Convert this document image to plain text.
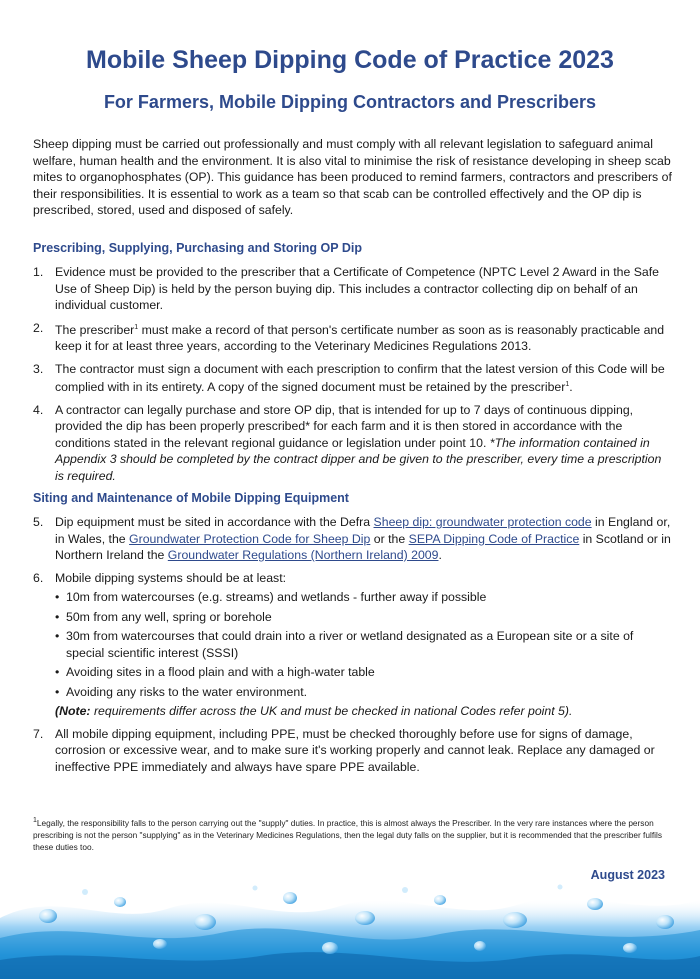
Mobile Sheep Dipping Code of Practice 2023
For Farmers, Mobile Dipping Contractors and Prescribers

Sheep dipping must be carried out professionally and must comply with all relevant legislation to safeguard animal welfare, human health and the environment. It is also vital to minimise the risk of resistance developing in sheep scab mites to organophosphates (OP). This guidance has been produced to remind farmers, contractors and prescribers of their responsibilities. It is essential to work as a team so that scab can be controlled effectively and the OP dip is prescribed, stored, used and disposed of safely.

Prescribing, Supplying, Purchasing and Storing OP Dip
1. Evidence must be provided to the prescriber that a Certificate of Competence (NPTC Level 2 Award in the Safe Use of Sheep Dip) is held by the person buying dip. This includes a contractor collecting dip on behalf of an individual customer.
2. The prescriber$^1$ must make a record of that person's certificate number as soon as is reasonably practicable and keep it for at least three years, according to the Veterinary Medicines Regulations 2013.
3. The contractor must sign a document with each prescription to confirm that the latest version of this Code will be complied with in its entirety. A copy of the signed document must be retained by the prescriber$^1$.
4. A contractor can legally purchase and store OP dip, that is intended for up to 7 days of continuous dipping, provided the dip has been properly prescribed* for each farm and it is then stored in accordance with the conditions stated in the relevant regional guidance or legislation under point 10. *The information contained in Appendix 3 should be completed by the contract dipper and be given to the prescriber, every time a prescription is required.
Siting and Maintenance of Mobile Dipping Equipment
5. Dip equipment must be sited in accordance with the Defra Sheep dip: groundwater protection code in England or, in Wales, the Groundwater Protection Code for Sheep Dip or the SEPA Dipping Code of Practice in Scotland or in Northern Ireland the Groundwater Regulations (Northern Ireland) 2009.
6. Mobile dipping systems should be at least:
• 10m from watercourses (e.g. streams) and wetlands - further away if possible
• 50m from any well, spring or borehole
• 30m from watercourses that could drain into a river or wetland designated as a European site or a site of special scientific interest (SSSI)
• Avoiding sites in a flood plain and with a high-water table
• Avoiding any risks to the water environment.
(Note: requirements differ across the UK and must be checked in national Codes refer point 5).
7. All mobile dipping equipment, including PPE, must be checked thoroughly before use for signs of damage, corrosion or excessive wear, and to make sure it's working properly and cannot leak. Replace any damaged or ineffective PPE immediately and always have spare PPE available.

$^1$Legally, the responsibility falls to the person carrying out the "supply" duties. In practice, this is almost always the Prescriber. In the very rare instances where the person prescribing is not the person "supplying" as in the Veterinary Medicines Regulations, then the legal duty falls on the supplier, but it is recommended that the prescriber fulfils these duties too.

August 2023
